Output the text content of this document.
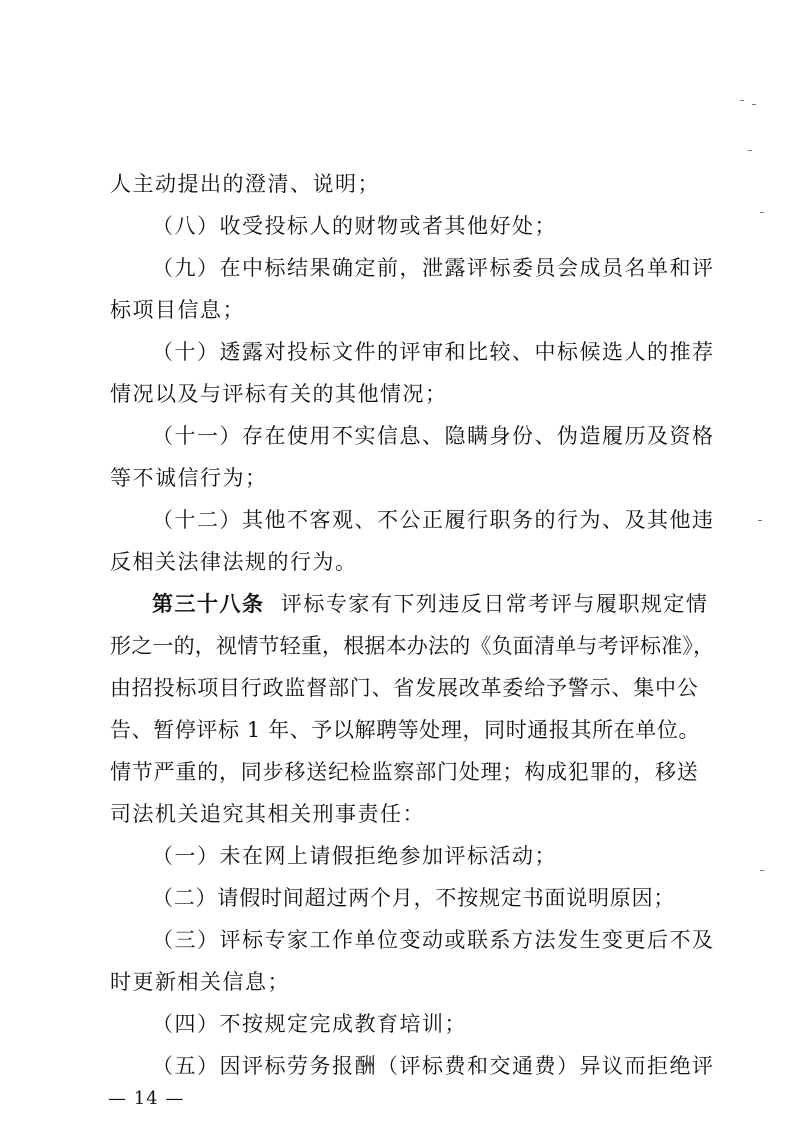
人主动提出的澄清、说明；
（八）收受投标人的财物或者其他好处；
（九）在中标结果确定前，泄露评标委员会成员名单和评
标项目信息；
（十）透露对投标文件的评审和比较、中标候选人的推荐
情况以及与评标有关的其他情况；
（十一）存在使用不实信息、隐瞒身份、伪造履历及资格
等不诚信行为；
（十二）其他不客观、不公正履行职务的行为、及其他违
反相关法律法规的行为。
第三十八条 评标专家有下列违反日常考评与履职规定情
形之一的，视情节轻重，根据本办法的《负面清单与考评标准》，
由招投标项目行政监督部门、省发展改革委给予警示、集中公
告、暂停评标 1 年、予以解聘等处理，同时通报其所在单位。
情节严重的，同步移送纪检监察部门处理；构成犯罪的，移送
司法机关追究其相关刑事责任：
（一）未在网上请假拒绝参加评标活动；
（二）请假时间超过两个月，不按规定书面说明原因；
（三）评标专家工作单位变动或联系方法发生变更后不及
时更新相关信息；
（四）不按规定完成教育培训；
（五）因评标劳务报酬（评标费和交通费）异议而拒绝评
— 14 —
